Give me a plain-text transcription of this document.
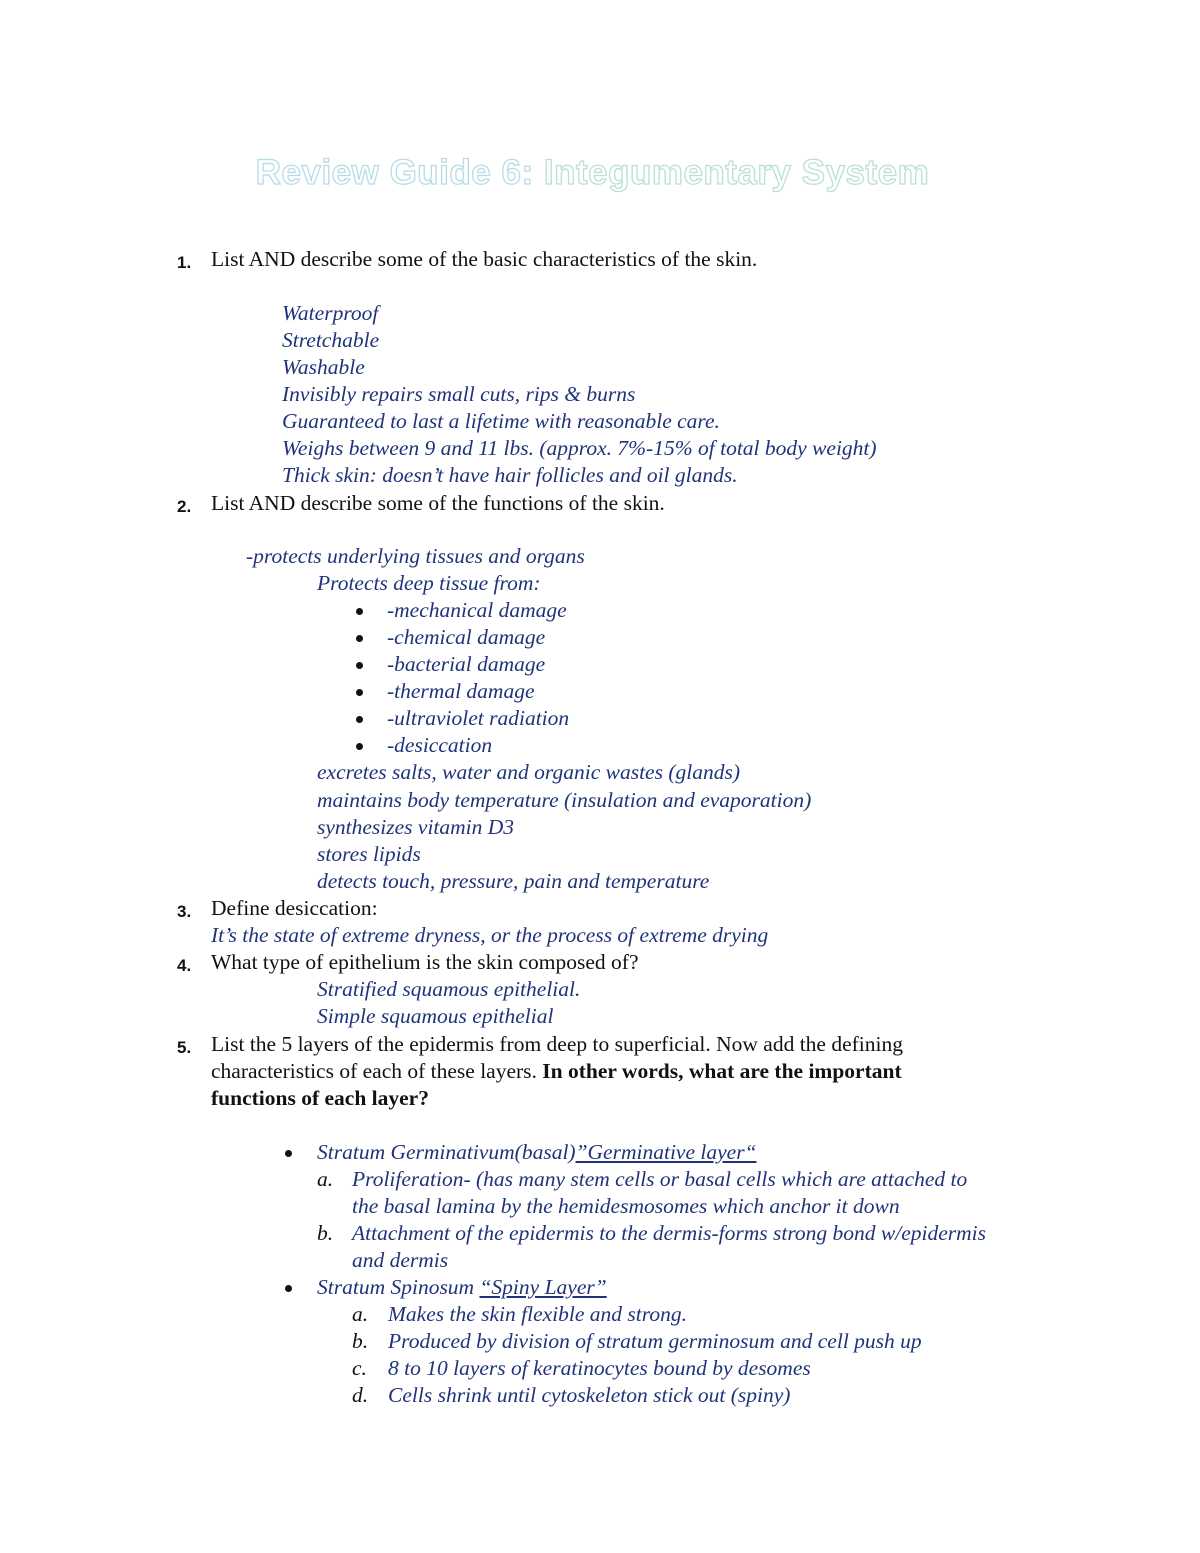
Review Guide 6: Integumentary System
1. List AND describe some of the basic characteristics of the skin.
Waterproof
Stretchable
Washable
Invisibly repairs small cuts, rips & burns
Guaranteed to last a lifetime with reasonable care.
Weighs between 9 and 11 lbs. (approx. 7%-15% of total body weight)
Thick skin: doesn’t have hair follicles and oil glands.
2. List AND describe some of the functions of the skin.
-protects underlying tissues and organs
Protects deep tissue from:
-mechanical damage
-chemical damage
-bacterial damage
-thermal damage
-ultraviolet radiation
-desiccation
excretes salts, water and organic wastes (glands)
maintains body temperature (insulation and evaporation)
synthesizes vitamin D3
stores lipids
detects touch, pressure, pain and temperature
3. Define desiccation:
It’s the state of extreme dryness, or the process of extreme drying
4. What type of epithelium is the skin composed of?
Stratified squamous epithelial.
Simple squamous epithelial
5. List the 5 layers of the epidermis from deep to superficial. Now add the defining
characteristics of each of these layers. In other words, what are the important
functions of each layer?
Stratum Germinativum(basal)”Germinative layer“
a. Proliferation- (has many stem cells or basal cells which are attached to
the basal lamina by the hemidesmosomes which anchor it down
b. Attachment of the epidermis to the dermis-forms strong bond w/epidermis
and dermis
Stratum Spinosum “Spiny Layer”
a. Makes the skin flexible and strong.
b. Produced by division of stratum germinosum and cell push up
c. 8 to 10 layers of keratinocytes bound by desomes
d. Cells shrink until cytoskeleton stick out (spiny)
